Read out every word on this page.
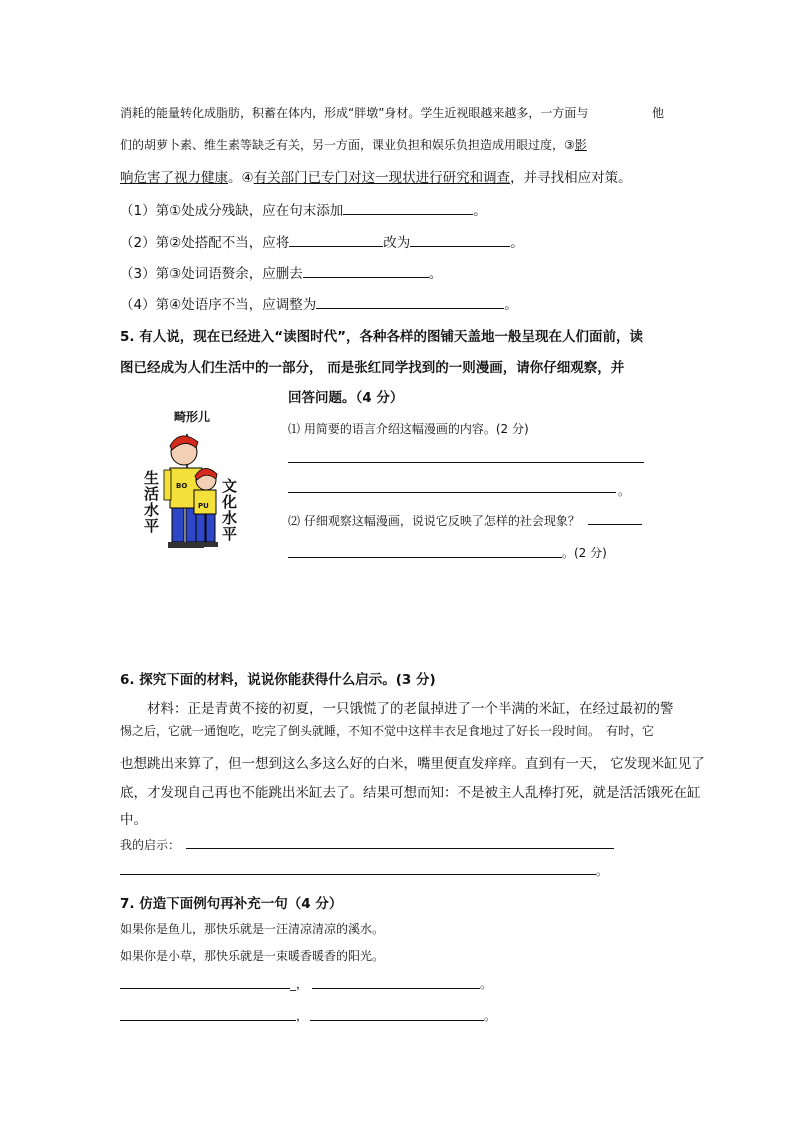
消耗的能量转化成脂肪，积蓄在体内，形成“胖墩”身材。学生近视眼越来越多，一方面与	他
们的胡萝卜素、维生素等缺乏有关，另一方面，课业负担和娱乐负担造成用眼过度，③影
响危害了视力健康。④有关部门已专门对这一现状进行研究和调查，并寻找相应对策。
（1）第①处成分残缺，应在句末添加	。
（2）第②处搭配不当，应将	改为	。
（3）第③处词语赘余，应删去	。
（4）第④处语序不当，应调整为	。
5. 有人说，现在已经进入“读图时代”，各种各样的图铺天盖地一般呈现在人们面前，读
图已经成为人们生活中的一部分， 而是张红同学找到的一则漫画，请你仔细观察，并
回答问题。（4 分）
⑴ 用简要的语言介绍这幅漫画的内容。(2 分)
。
⑵ 仔细观察这幅漫画，说说它反映了怎样的社会现象？
。(2 分)
畸形儿
BO
PU
生活水平
文化水平
6. 探究下面的材料，说说你能获得什么启示。(3 分)
材料：正是青黄不接的初夏，一只饿慌了的老鼠掉进了一个半满的米缸，在经过最初的警
惕之后，它就一通饱吃，吃完了倒头就睡，不知不觉中这样丰衣足食地过了好长一段时间。　有时，它
也想跳出来算了，但一想到这么多这么好的白米，嘴里便直发痒痒。直到有一天， 它发现米缸见了
底，才发现自己再也不能跳出米缸去了。结果可想而知：不是被主人乱棒打死，就是活活饿死在缸
中。
我的启示：
。
7. 仿造下面例句再补充一句（4 分）
如果你是鱼儿，那快乐就是一汪清凉清凉的溪水。
如果你是小草，那快乐就是一束暖香暖香的阳光。
_，	。
，	。
